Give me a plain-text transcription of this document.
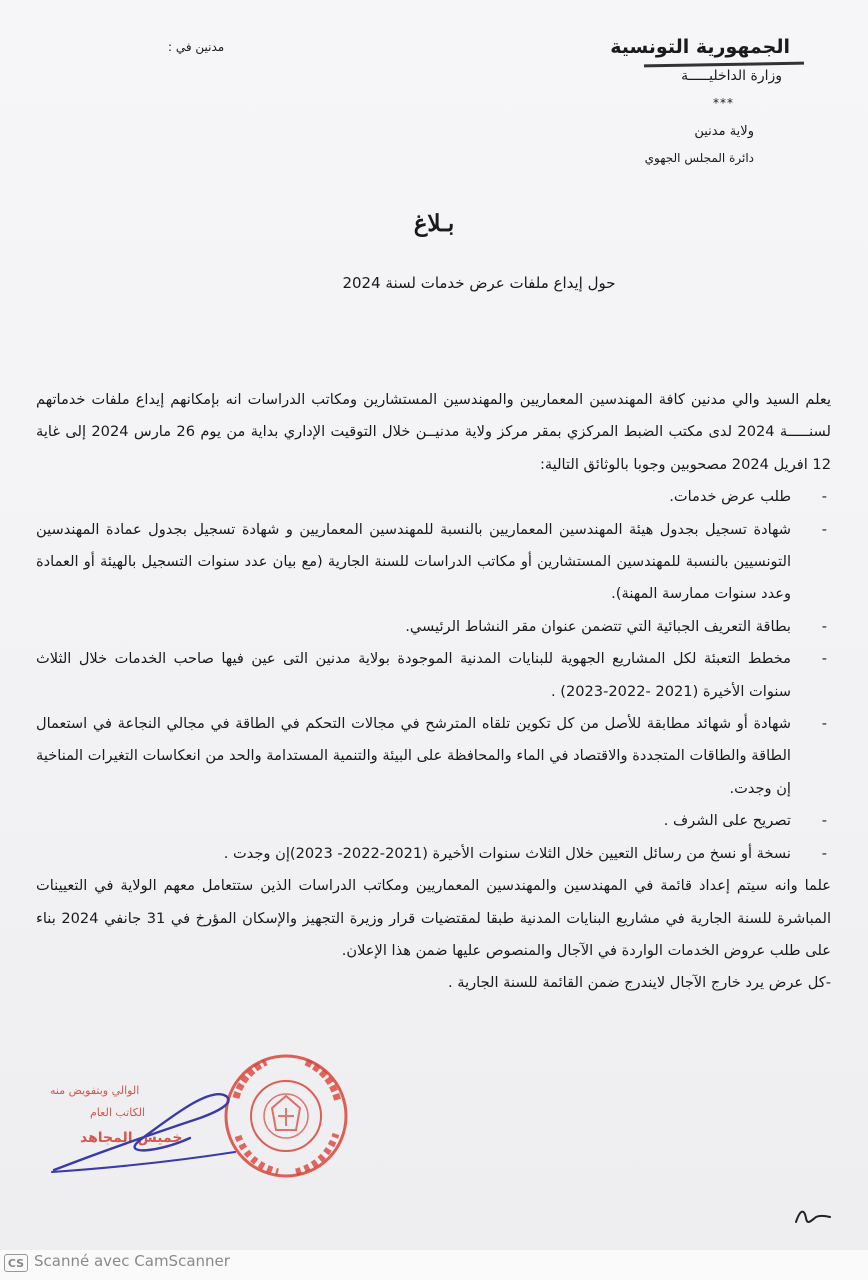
الجمهورية التونسية
وزارة الداخليـــــة
***
ولاية مدنين
دائرة المجلس الجهوي
مدنين في :
بـلاغ
حول إيداع ملفات عرض خدمات لسنة 2024

يعلم السيد والي مدنين كافة المهندسين المعماريين والمهندسين المستشارين ومكاتب الدراسات انه بإمكانهم إيداع ملفات خدماتهم لسنـــــة 2024 لدى مكتب الضبط المركزي بمقر مركز ولاية مدنيــن خلال التوقيت الإداري بداية من يوم 26 مارس 2024 إلى غاية 12 افريل 2024 مصحوبين وجوبا بالوثائق التالية:

-
طلب عرض خدمات.
-
شهادة تسجيل بجدول هيئة المهندسين المعماريين بالنسبة للمهندسين المعماريين و شهادة تسجيل بجدول عمادة المهندسين التونسيين بالنسبة للمهندسين المستشارين أو مكاتب الدراسات للسنة الجارية (مع بيان عدد سنوات التسجيل بالهيئة أو العمادة وعدد سنوات ممارسة المهنة).
-
بطاقة التعريف الجبائية التي تتضمن عنوان مقر النشاط الرئيسي.
-
مخطط التعبئة لكل المشاريع الجهوية للبنايات المدنية الموجودة بولاية مدنين التى عين فيها صاحب الخدمات خلال الثلاث سنوات الأخيرة (2021 -2022-2023) .
-
شهادة أو شهائد مطابقة للأصل من كل تكوين تلقاه المترشح في مجالات التحكم في الطاقة في مجالي النجاعة في استعمال الطاقة والطاقات المتجددة والاقتصاد في الماء والمحافظة على البيئة والتنمية المستدامة والحد من انعكاسات التغيرات المناخية إن وجدت.
-
تصريح على الشرف .
-
نسخة أو نسخ من رسائل التعيين خلال الثلاث سنوات الأخيرة (2021-2022- 2023)إن وجدت .

علما وانه سيتم إعداد قائمة في المهندسين والمهندسين المعماريين ومكاتب الدراسات الذين ستتعامل معهم الولاية في التعيينات المباشرة للسنة الجارية في مشاريع البنايات المدنية طبقا لمقتضيات قرار وزيرة التجهيز والإسكان المؤرخ في 31 جانفي 2024 بناء على طلب عروض الخدمات الواردة في الآجال والمنصوص عليها ضمن هذا الإعلان.

-كل عرض يرد خارج الآجال لايندرج ضمن القائمة للسنة الجارية .

الوالي وبتفويض منه
الكاتب العام
خميس المجاهد
CS Scanné avec CamScanner
